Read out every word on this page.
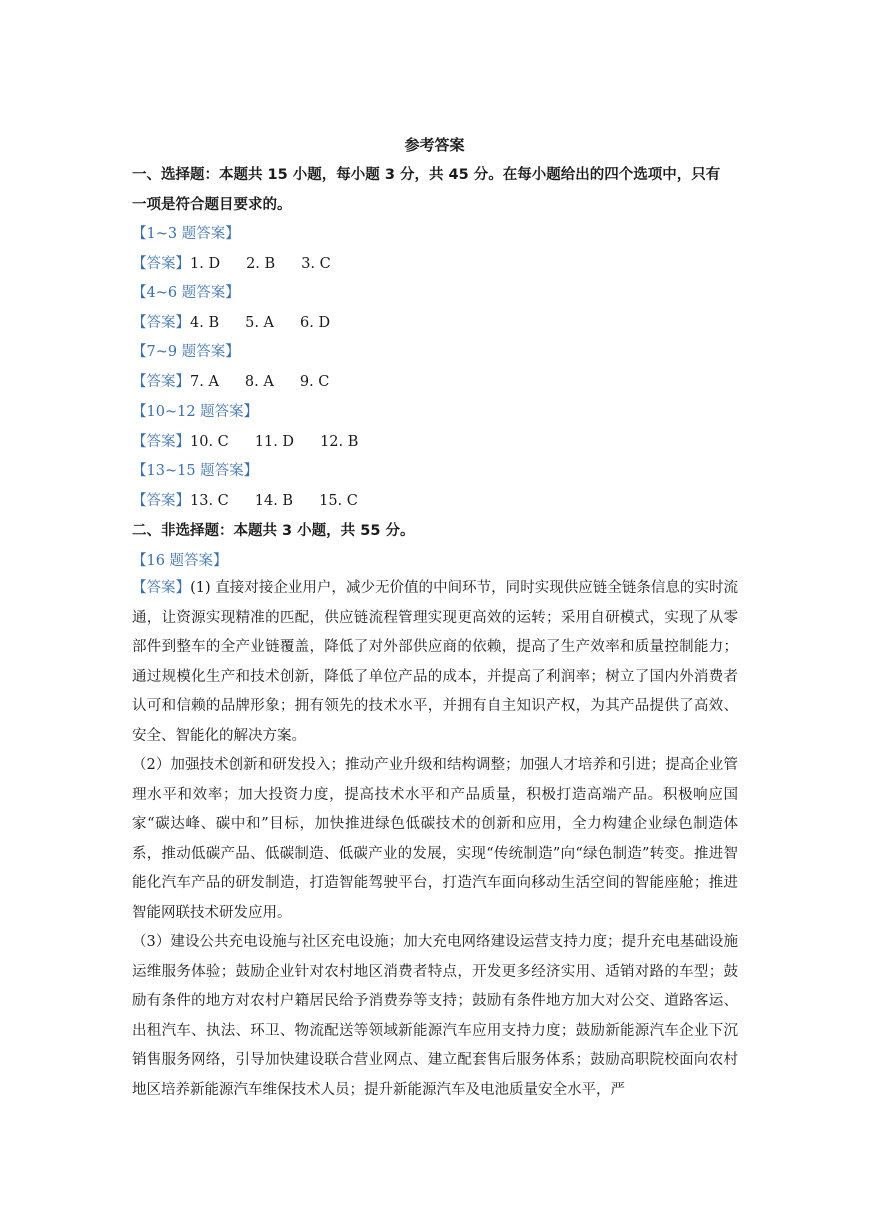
参考答案
一、选择题：本题共 15 小题，每小题 3 分，共 45 分。在每小题给出的四个选项中，只有
一项是符合题目要求的。
【1~3 题答案】
【答案】1. D 2. B 3. C
【4~6 题答案】
【答案】4. B 5. A 6. D
【7~9 题答案】
【答案】7. A 8. A 9. C
【10~12 题答案】
【答案】10. C 11. D 12. B
【13~15 题答案】
【答案】13. C 14. B 15. C
二、非选择题：本题共 3 小题，共 55 分。
【16 题答案】
【答案】(1) 直接对接企业用户，减少无价值的中间环节，同时实现供应链全链条信息的实时流通，让资源实现精准的匹配，供应链流程管理实现更高效的运转；采用自研模式，实现了从零部件到整车的全产业链覆盖，降低了对外部供应商的依赖，提高了生产效率和质量控制能力；通过规模化生产和技术创新，降低了单位产品的成本，并提高了利润率；树立了国内外消费者认可和信赖的品牌形象；拥有领先的技术水平，并拥有自主知识产权，为其产品提供了高效、安全、智能化的解决方案。
（2）加强技术创新和研发投入；推动产业升级和结构调整；加强人才培养和引进；提高企业管理水平和效率；加大投资力度，提高技术水平和产品质量，积极打造高端产品。积极响应国家“碳达峰、碳中和”目标，加快推进绿色低碳技术的创新和应用，全力构建企业绿色制造体系，推动低碳产品、低碳制造、低碳产业的发展，实现“传统制造”向“绿色制造”转变。推进智能化汽车产品的研发制造，打造智能驾驶平台，打造汽车面向移动生活空间的智能座舱；推进智能网联技术研发应用。
（3）建设公共充电设施与社区充电设施；加大充电网络建设运营支持力度；提升充电基础设施运维服务体验；鼓励企业针对农村地区消费者特点，开发更多经济实用、适销对路的车型；鼓励有条件的地方对农村户籍居民给予消费券等支持；鼓励有条件地方加大对公交、道路客运、出租汽车、执法、环卫、物流配送等领域新能源汽车应用支持力度；鼓励新能源汽车企业下沉销售服务网络，引导加快建设联合营业网点、建立配套售后服务体系；鼓励高职院校面向农村地区培养新能源汽车维保技术人员；提升新能源汽车及电池质量安全水平，严
